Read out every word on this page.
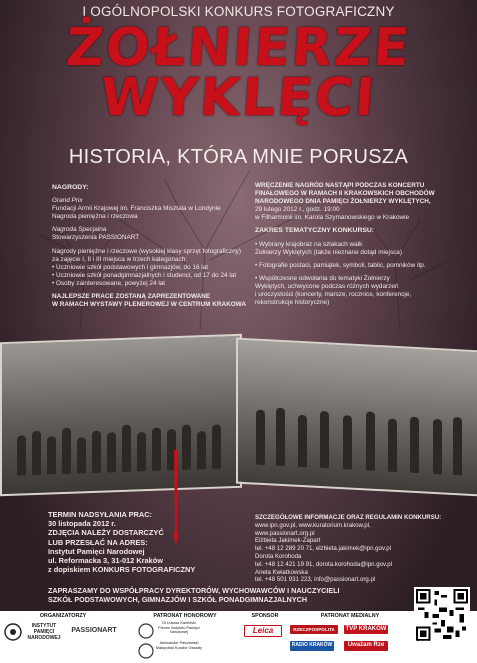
I OGÓLNOPOLSKI KONKURS FOTOGRAFICZNY
ŻOŁNIERZE
WYKLĘCI
HISTORIA, KTÓRA MNIE PORUSZA
NAGRODY:
Grand Prix
Fundacji Armii Krajowej im. Franciszka Misztala w Londynie
Nagroda pieniężna i rzeczowa
Nagroda Specjalna
Stowarzyszenia PASSIONART
Nagrody pieniężne i rzeczowe (wysokiej klasy sprzęt fotograficzny)
za zajęcie I, II i III miejsca w trzech kategoriach:
• Uczniowie szkół podstawowych i gimnazjów, do 16 lat
• Uczniowie szkół ponadgimnazjalnych i studenci, od 17 do 24 lat
• Osoby zainteresowane, powyżej 24 lat
NAJLEPSZE PRACE ZOSTANĄ ZAPREZENTOWANE
W RAMACH WYSTAWY PLENEROWEJ W CENTRUM KRAKOWA
WRĘCZENIE NAGRÓD NASTĄPI PODCZAS KONCERTU
FINAŁOWEGO W RAMACH II KRAKOWSKICH OBCHODÓW
NARODOWEGO DNIA PAMIĘCI ŻOŁNIERZY WYKLĘTYCH,
29 lutego 2012 r., godz. 19:00
w Filharmonii im. Karola Szymanowskiego w Krakowie
ZAKRES TEMATYCZNY KONKURSU:
• Wybrany krajobraz na szlakach walk
Żołnierzy Wyklętych (także nieznane dotąd miejsca)
• Fotografie postaci, pamiątek, symboli, tablic, pomników itp.
• Współczesne odwołania do tematyki Żołnierzy
Wyklętych, uchwycone podczas różnych wydarzeń
i uroczystości (koncerty, marsze, rocznice, konferencje,
rekonstrukcje historyczne)
TERMIN NADSYŁANIA PRAC:
30 listopada 2012 r.
ZDJĘCIA NALEŻY DOSTARCZYĆ
LUB PRZESŁAĆ NA ADRES:
Instytut Pamięci Narodowej
ul. Reformacka 3, 31-012 Kraków
z dopiskiem KONKURS FOTOGRAFICZNY
SZCZEGÓŁOWE INFORMACJE ORAZ REGULAMIN KONKURSU:
www.ipn.gov.pl, www.kuratorium.krakow.pl,
www.passionart.org.pl
Elżbieta Jakimek-Zapart
tel. +48 12 289 20 71, elzbieta.jakimek@ipn.gov.pl
Dorota Korohoda
tel. +48 12 421 19 91, dorota.korohoda@ipn.gov.pl
Aneta Kwiatkowska
tel. +48 501 931 223, info@passionart.org.pl
ZAPRASZAMY DO WSPÓŁPRACY DYREKTORÓW, WYCHOWAWCÓW I NAUCZYCIELI
SZKÓŁ PODSTAWOWYCH, GIMNAZJÓW I SZKÓŁ PONADGIMNAZJALNYCH
ORGANIZATORZY	PATRONAT HONOROWY	SPONSOR	PATRONAT MEDIALNY
INSTYTUT PAMIĘCI NARODOWEJ
PASSIONART
Dr Łukasz Kamiński Prezes Instytutu Pamięci Narodowej
Aleksander Palczewski Małopolski Kurator Oświaty
Leica	RZECZPOSPOLITA	TVP KRAKÓW
RADIO KRAKÓW	Uważam Rze	KOD QR PRZEKIEROWUJĄCY DO STRONY INTERNETOWEJ
